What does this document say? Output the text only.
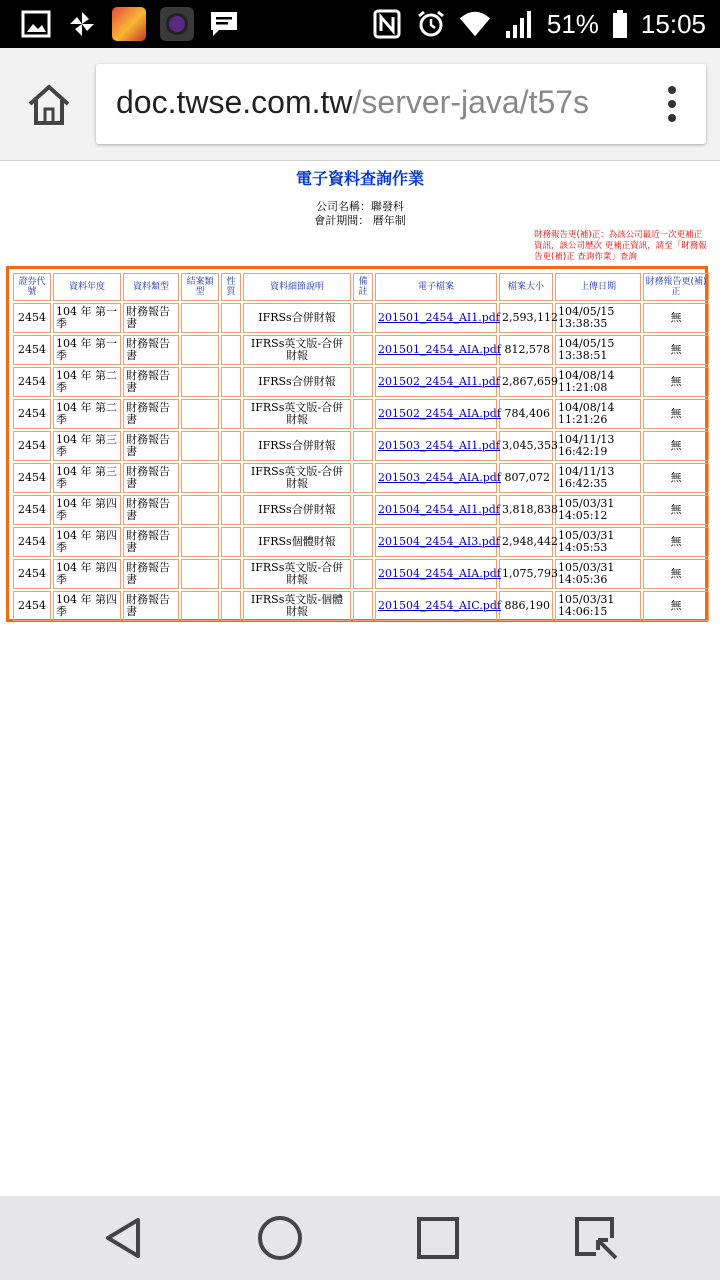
51% 15:05
doc.twse.com.tw/server-java/t57s
電子資料查詢作業
公司名稱：聯發科
會計期間： 曆年制
財務報告更(補)正：為該公司最近一次更補正資訊，該公司歷次 更補正資訊，請至「財務報告更(補)正 查詢作業」查詢
證券代號	資料年度	資料類型	結案類型	性質	資料細節說明	備註	電子檔案	檔案大小	上傳日期	財務報告更(補)正
2454	104 年 第一季	財務報告書			IFRSs合併財報		201501_2454_AI1.pdf	2,593,112	104/05/15 13:38:35	無
2454	104 年 第一季	財務報告書			IFRSs英文版-合併財報		201501_2454_AIA.pdf	812,578	104/05/15 13:38:51	無
2454	104 年 第二季	財務報告書			IFRSs合併財報		201502_2454_AI1.pdf	2,867,659	104/08/14 11:21:08	無
2454	104 年 第二季	財務報告書			IFRSs英文版-合併財報		201502_2454_AIA.pdf	784,406	104/08/14 11:21:26	無
2454	104 年 第三季	財務報告書			IFRSs合併財報		201503_2454_AI1.pdf	3,045,353	104/11/13 16:42:19	無
2454	104 年 第三季	財務報告書			IFRSs英文版-合併財報		201503_2454_AIA.pdf	807,072	104/11/13 16:42:35	無
2454	104 年 第四季	財務報告書			IFRSs合併財報		201504_2454_AI1.pdf	3,818,838	105/03/31 14:05:12	無
2454	104 年 第四季	財務報告書			IFRSs個體財報		201504_2454_AI3.pdf	2,948,442	105/03/31 14:05:53	無
2454	104 年 第四季	財務報告書			IFRSs英文版-合併財報		201504_2454_AIA.pdf	1,075,793	105/03/31 14:05:36	無
2454	104 年 第四季	財務報告書			IFRSs英文版-個體財報		201504_2454_AIC.pdf	886,190	105/03/31 14:06:15	無
